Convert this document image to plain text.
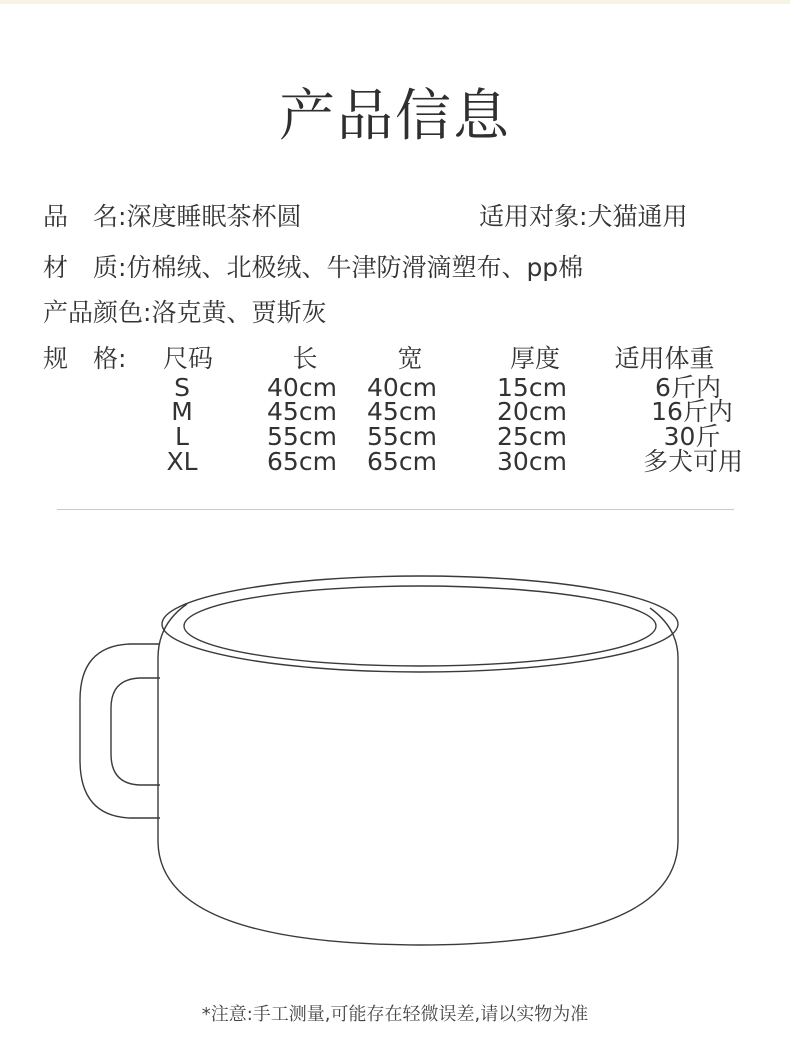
产品信息
品　名:深度睡眠茶杯圆	适用对象:犬猫通用
材　质:仿棉绒、北极绒、牛津防滑滴塑布、pp棉
产品颜色:洛克黄、贾斯灰
规　格: 尺码	长	宽	厚度 适用体重
S	40cm 40cm 15cm	6斤内
M	45cm 45cm 20cm	16斤内
L	55cm 55cm 25cm	30斤
XL	65cm 65cm 30cm	多犬可用
*注意:手工测量,可能存在轻微误差,请以实物为准
